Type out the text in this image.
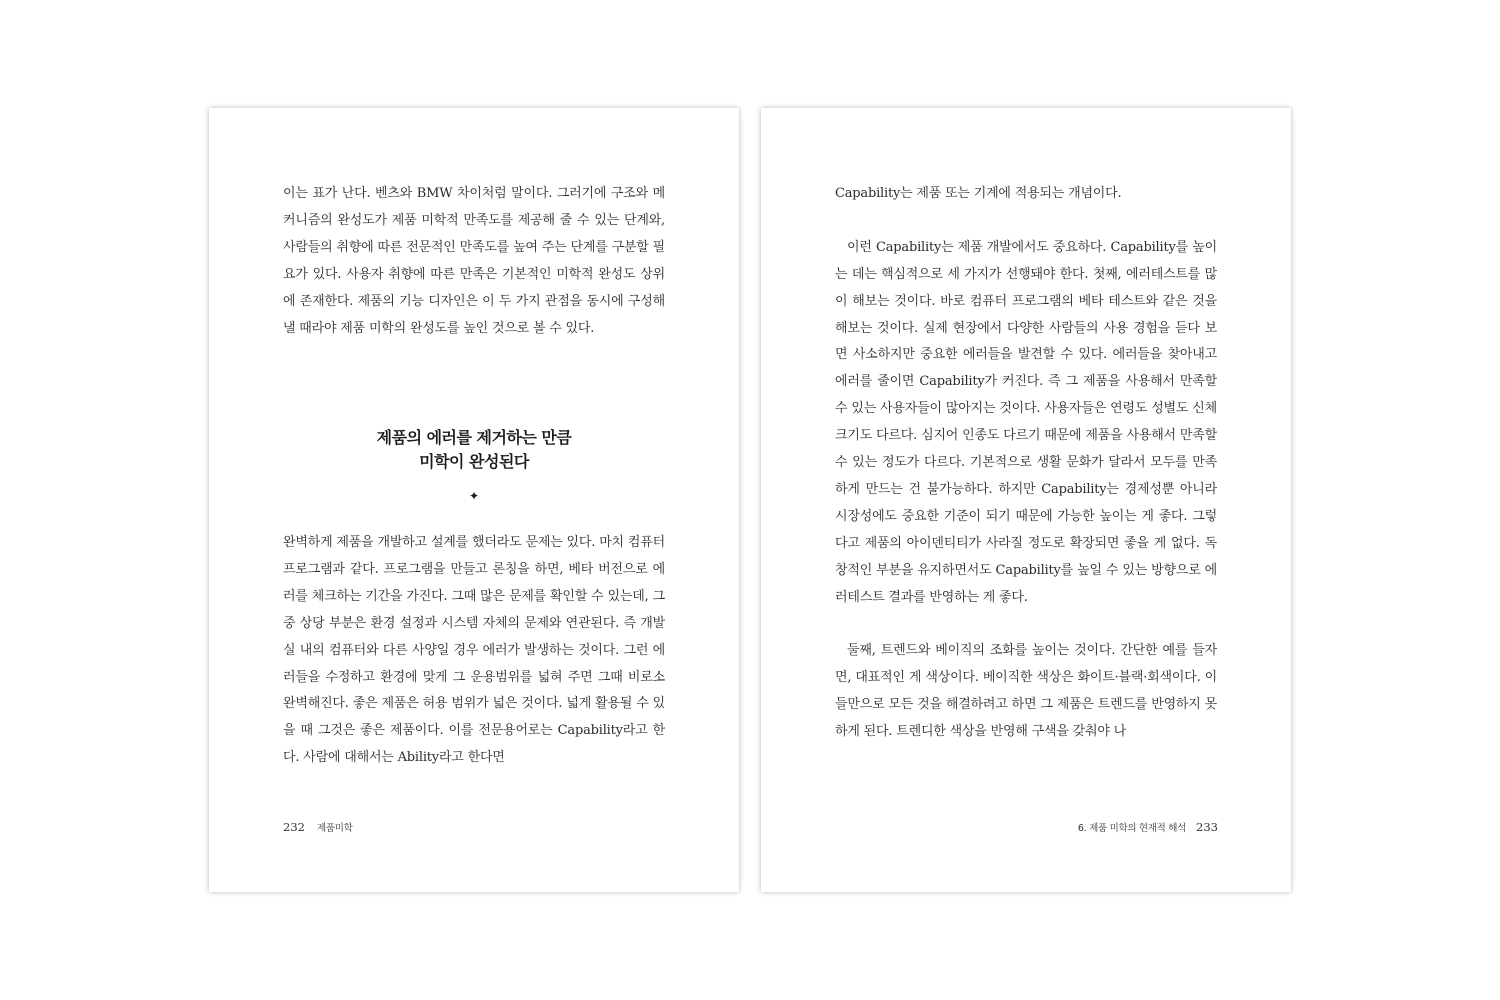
이는 표가 난다. 벤츠와 BMW 차이처럼 말이다. 그러기에 구조와 메커니즘의 완성도가 제품 미학적 만족도를 제공해 줄 수 있는 단계와, 사람들의 취향에 따른 전문적인 만족도를 높여 주는 단계를 구분할 필요가 있다. 사용자 취향에 따른 만족은 기본적인 미학적 완성도 상위에 존재한다. 제품의 기능 디자인은 이 두 가지 관점을 동시에 구성해 낼 때라야 제품 미학의 완성도를 높인 것으로 볼 수 있다.

제품의 에러를 제거하는 만큼
미학이 완성된다
✦

완벽하게 제품을 개발하고 설계를 했더라도 문제는 있다. 마치 컴퓨터 프로그램과 같다. 프로그램을 만들고 론칭을 하면, 베타 버전으로 에러를 체크하는 기간을 가진다. 그때 많은 문제를 확인할 수 있는데, 그중 상당 부분은 환경 설정과 시스템 자체의 문제와 연관된다. 즉 개발실 내의 컴퓨터와 다른 사양일 경우 에러가 발생하는 것이다. 그런 에러들을 수정하고 환경에 맞게 그 운용범위를 넓혀 주면 그때 비로소 완벽해진다. 좋은 제품은 허용 범위가 넓은 것이다. 넓게 활용될 수 있을 때 그것은 좋은 제품이다. 이를 전문용어로는 Capability라고 한다. 사람에 대해서는 Ability라고 한다면

232 제품미학

Capability는 제품 또는 기계에 적용되는 개념이다.

이런 Capability는 제품 개발에서도 중요하다. Capability를 높이는 데는 핵심적으로 세 가지가 선행돼야 한다. 첫째, 에러테스트를 많이 해보는 것이다. 바로 컴퓨터 프로그램의 베타 테스트와 같은 것을 해보는 것이다. 실제 현장에서 다양한 사람들의 사용 경험을 듣다 보면 사소하지만 중요한 에러들을 발견할 수 있다. 에러들을 찾아내고 에러를 줄이면 Capability가 커진다. 즉 그 제품을 사용해서 만족할 수 있는 사용자들이 많아지는 것이다. 사용자들은 연령도 성별도 신체 크기도 다르다. 심지어 인종도 다르기 때문에 제품을 사용해서 만족할 수 있는 정도가 다르다. 기본적으로 생활 문화가 달라서 모두를 만족하게 만드는 건 불가능하다. 하지만 Capability는 경제성뿐 아니라 시장성에도 중요한 기준이 되기 때문에 가능한 높이는 게 좋다. 그렇다고 제품의 아이덴티티가 사라질 정도로 확장되면 좋을 게 없다. 독창적인 부분을 유지하면서도 Capability를 높일 수 있는 방향으로 에러테스트 결과를 반영하는 게 좋다.

둘째, 트렌드와 베이직의 조화를 높이는 것이다. 간단한 예를 들자면, 대표적인 게 색상이다. 베이직한 색상은 화이트·블랙·회색이다. 이들만으로 모든 것을 해결하려고 하면 그 제품은 트렌드를 반영하지 못하게 된다. 트렌디한 색상을 반영해 구색을 갖춰야 나

6. 제품 미학의 현재적 해석 233
